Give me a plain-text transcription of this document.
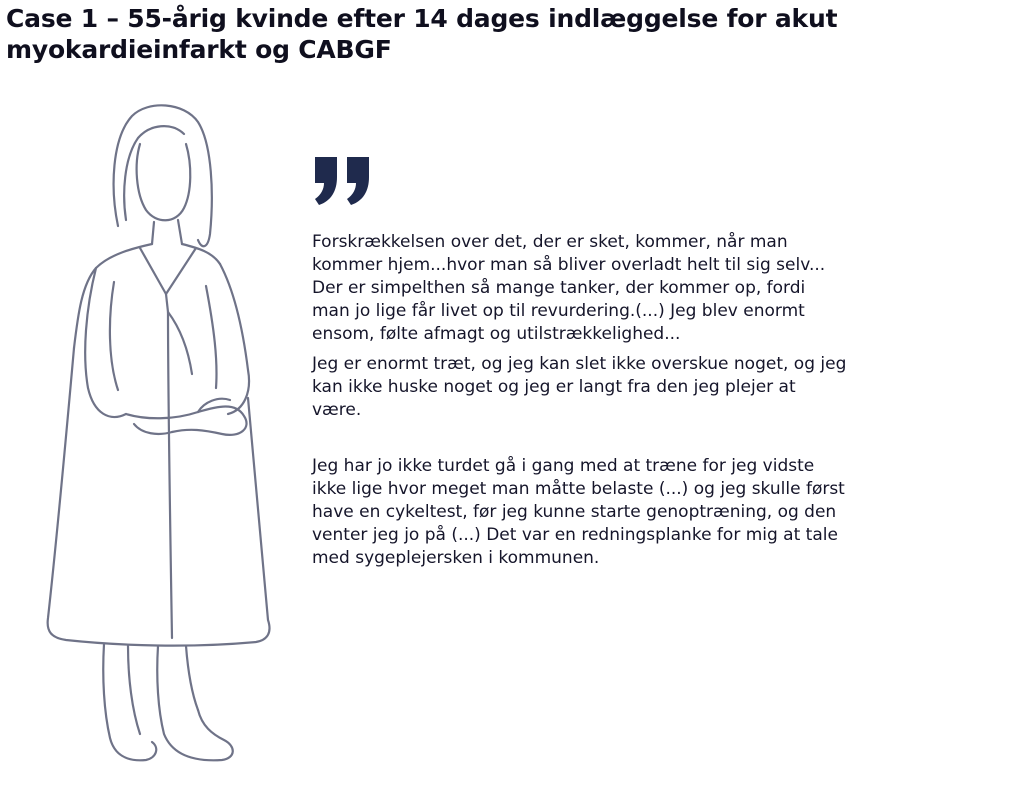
Case 1 – 55-årig kvinde efter 14 dages indlæggelse for akut
myokardieinfarkt og CABGF

Forskrækkelsen over det, der er sket, kommer, når man
kommer hjem...hvor man så bliver overladt helt til sig selv...
Der er simpelthen så mange tanker, der kommer op, fordi
man jo lige får livet op til revurdering.(...) Jeg blev enormt
ensom, følte afmagt og utilstrækkelighed...

Jeg er enormt træt, og jeg kan slet ikke overskue noget, og jeg
kan ikke huske noget og jeg er langt fra den jeg plejer at
være.

Jeg har jo ikke turdet gå i gang med at træne for jeg vidste
ikke lige hvor meget man måtte belaste (...) og jeg skulle først
have en cykeltest, før jeg kunne starte genoptræning, og den
venter jeg jo på (...) Det var en redningsplanke for mig at tale
med sygeplejersken i kommunen.
